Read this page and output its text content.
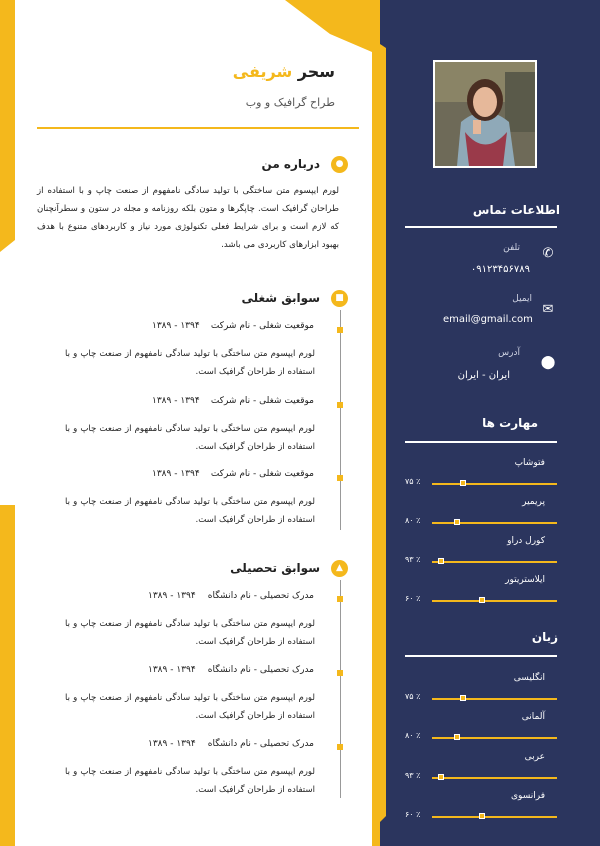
سحر شریفی
طراح گرافیک و وب
●
درباره من
لورم ایپسوم متن ساختگی با تولید سادگی نامفهوم از صنعت چاپ و با استفاده از طراحان گرافیک است. چاپگرها و متون بلکه روزنامه و مجله در ستون و سطرآنچنان که لازم است و برای شرایط فعلی تکنولوژی مورد نیاز و کاربردهای متنوع با هدف بهبود ابزارهای کاربردی می باشد.
■
سوابق شغلی
موقعیت شغلی - نام شرکت
۱۳۹۴ - ۱۳۸۹
لورم ایپسوم متن ساختگی با تولید سادگی نامفهوم از صنعت چاپ و با استفاده از طراحان گرافیک است.
موقعیت شغلی - نام شرکت
۱۳۹۴ - ۱۳۸۹
لورم ایپسوم متن ساختگی با تولید سادگی نامفهوم از صنعت چاپ و با استفاده از طراحان گرافیک است.
موقعیت شغلی - نام شرکت
۱۳۹۴ - ۱۳۸۹
لورم ایپسوم متن ساختگی با تولید سادگی نامفهوم از صنعت چاپ و با استفاده از طراحان گرافیک است.
▲
سوابق تحصیلی
مدرک تحصیلی - نام دانشگاه
۱۳۹۴ - ۱۳۸۹
لورم ایپسوم متن ساختگی با تولید سادگی نامفهوم از صنعت چاپ و با استفاده از طراحان گرافیک است.
مدرک تحصیلی - نام دانشگاه
۱۳۹۴ - ۱۳۸۹
لورم ایپسوم متن ساختگی با تولید سادگی نامفهوم از صنعت چاپ و با استفاده از طراحان گرافیک است.
مدرک تحصیلی - نام دانشگاه
۱۳۹۴ - ۱۳۸۹
لورم ایپسوم متن ساختگی با تولید سادگی نامفهوم از صنعت چاپ و با استفاده از طراحان گرافیک است.
اطلاعات تماس
✆
تلفن
۰۹۱۲۳۴۵۶۷۸۹
✉
ایمیل
email@gmail.com
⬤
آدرس
ایران - ایران
مهارت ها
فتوشاپ
٪ ۷۵
پریمیر
٪ ۸۰
کورل دراو
٪ ۹۳
ایلاستریتور
٪ ۶۰
زبان
انگلیسی
٪ ۷۵
آلمانی
٪ ۸۰
عربی
٪ ۹۳
فرانسوی
٪ ۶۰
